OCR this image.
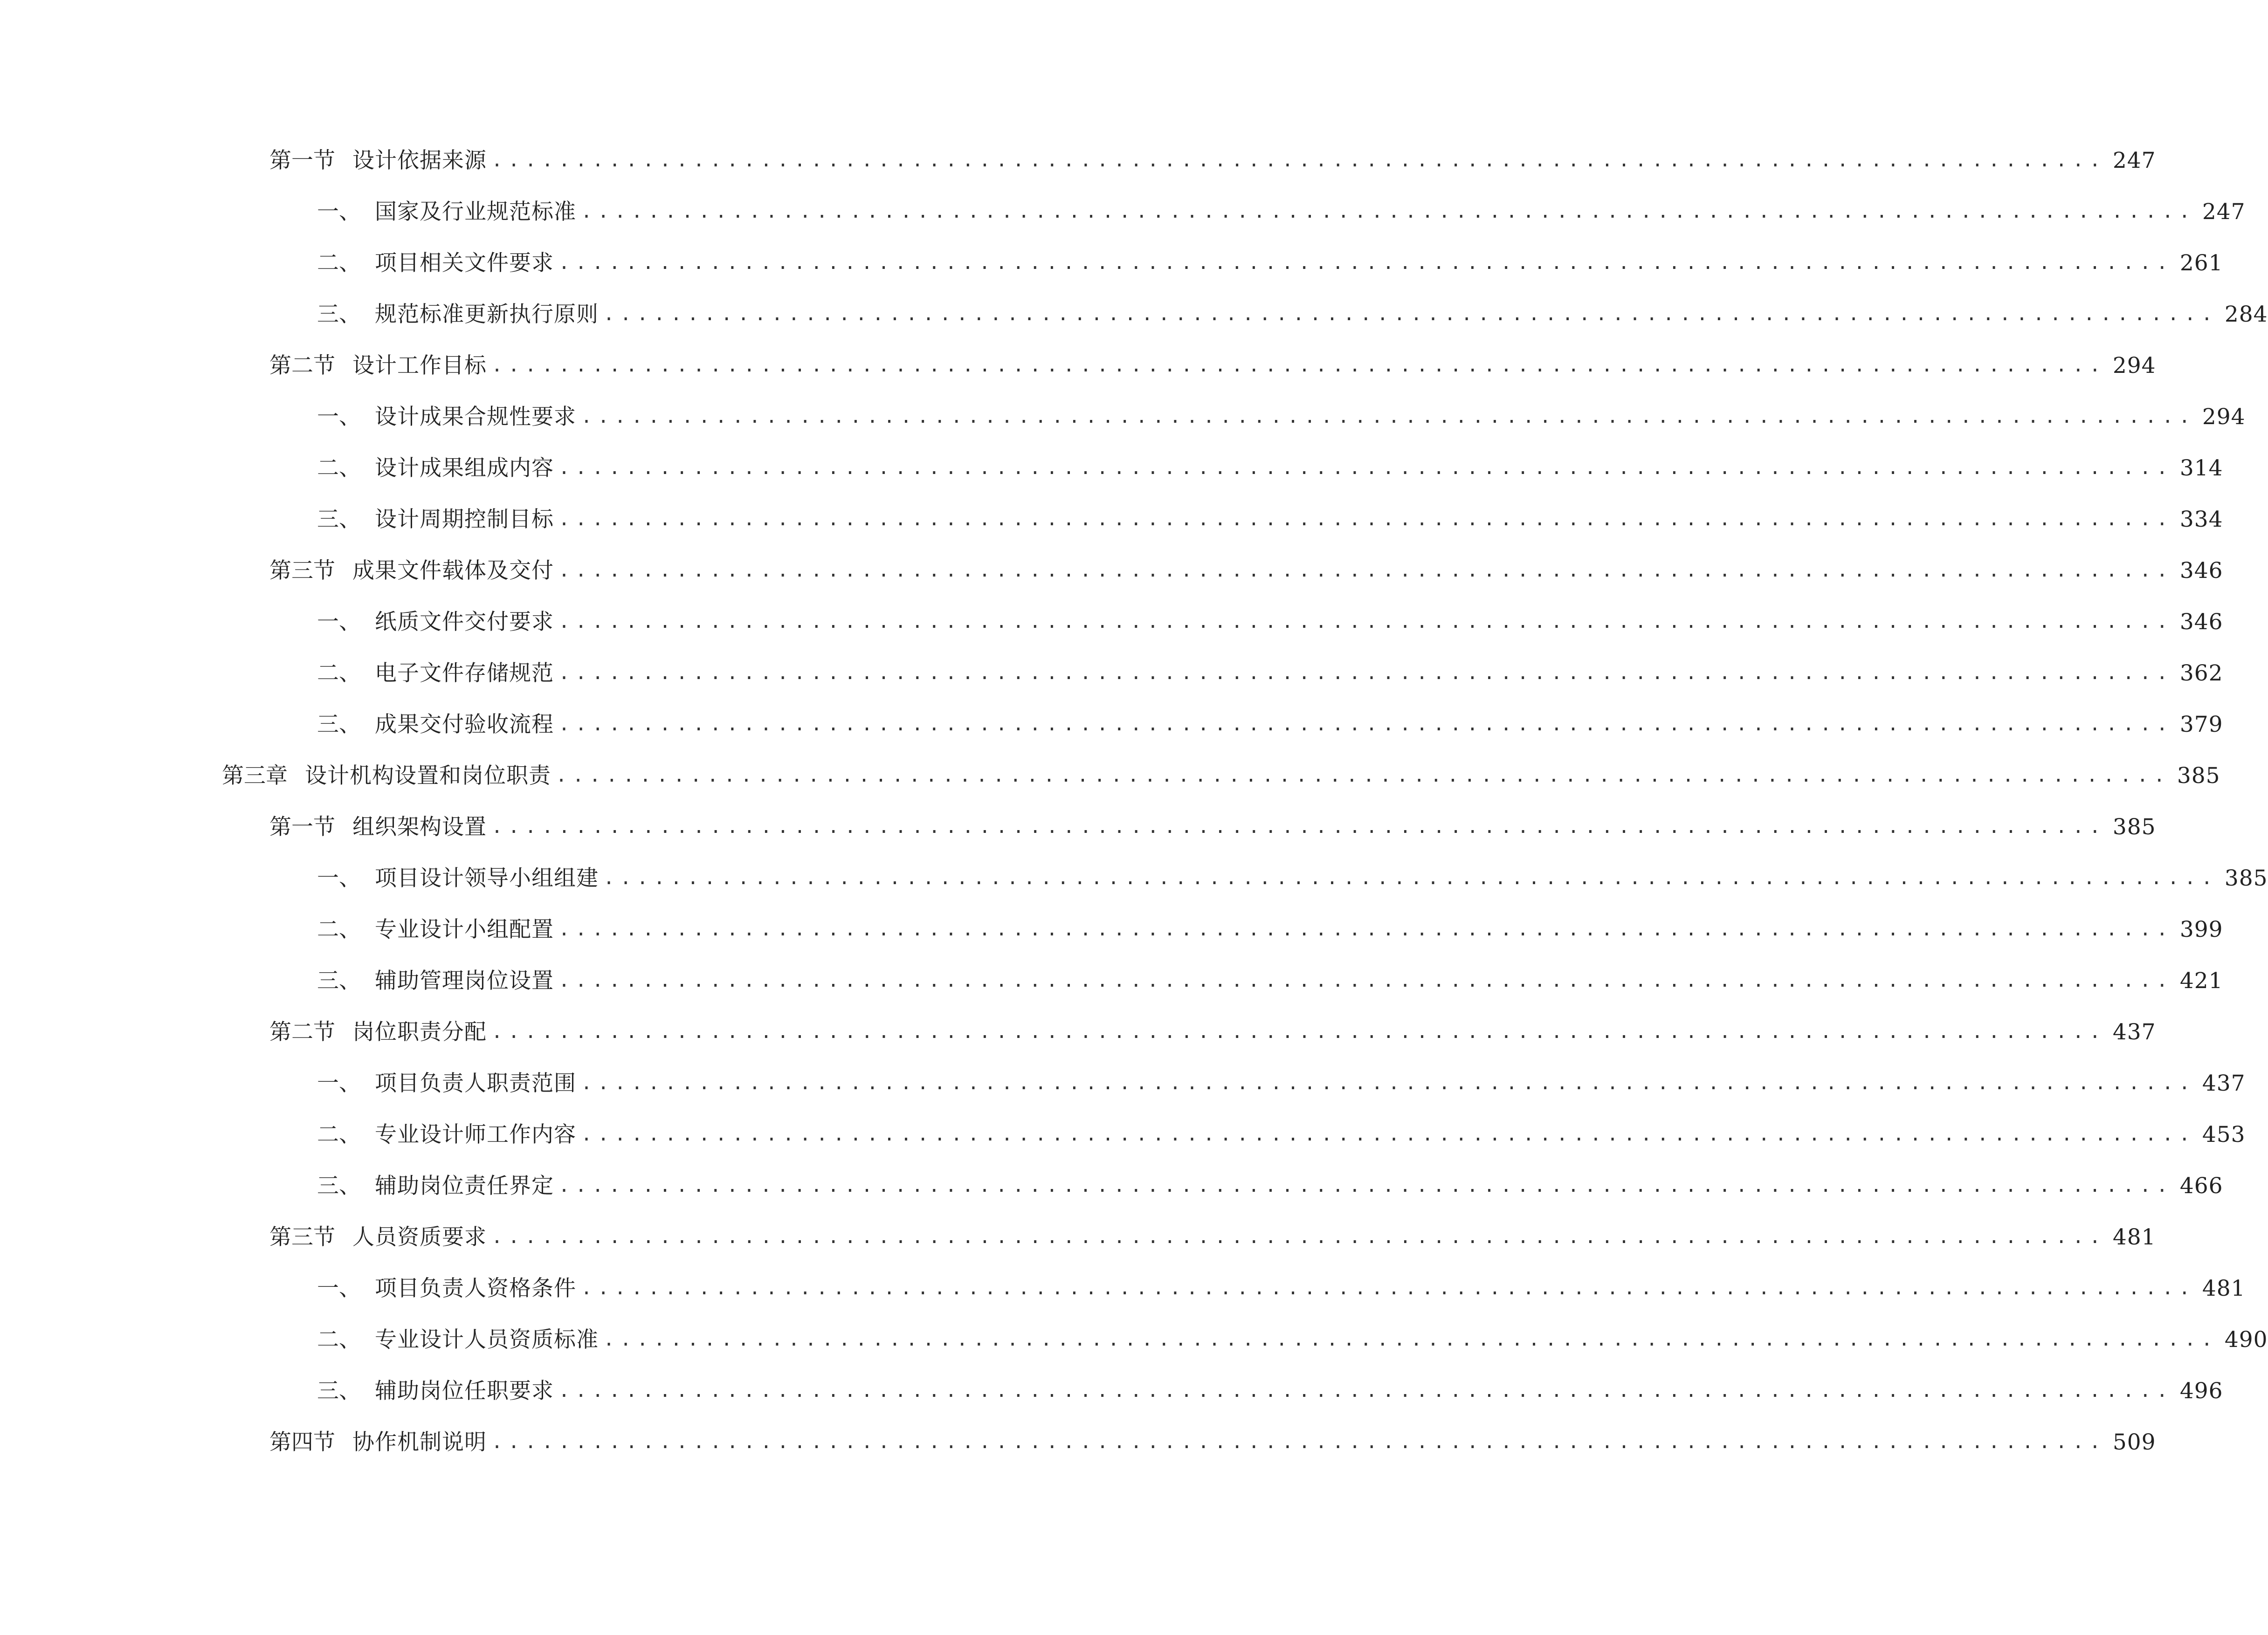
第一节 设计依据来源 ................................................................................................ 247
一、 国家及行业规范标准 ................................................................................................ 247
二、 项目相关文件要求 ................................................................................................ 261
三、 规范标准更新执行原则 ................................................................................................ 284
第二节 设计工作目标 ................................................................................................ 294
一、 设计成果合规性要求 ................................................................................................ 294
二、 设计成果组成内容 ................................................................................................ 314
三、 设计周期控制目标 ................................................................................................ 334
第三节 成果文件载体及交付 ................................................................................................ 346
一、 纸质文件交付要求 ................................................................................................ 346
二、 电子文件存储规范 ................................................................................................ 362
三、 成果交付验收流程 ................................................................................................ 379
第三章 设计机构设置和岗位职责 ................................................................................................ 385
第一节 组织架构设置 ................................................................................................ 385
一、 项目设计领导小组组建 ................................................................................................ 385
二、 专业设计小组配置 ................................................................................................ 399
三、 辅助管理岗位设置 ................................................................................................ 421
第二节 岗位职责分配 ................................................................................................ 437
一、 项目负责人职责范围 ................................................................................................ 437
二、 专业设计师工作内容 ................................................................................................ 453
三、 辅助岗位责任界定 ................................................................................................ 466
第三节 人员资质要求 ................................................................................................ 481
一、 项目负责人资格条件 ................................................................................................ 481
二、 专业设计人员资质标准 ................................................................................................ 490
三、 辅助岗位任职要求 ................................................................................................ 496
第四节 协作机制说明 ................................................................................................ 509
